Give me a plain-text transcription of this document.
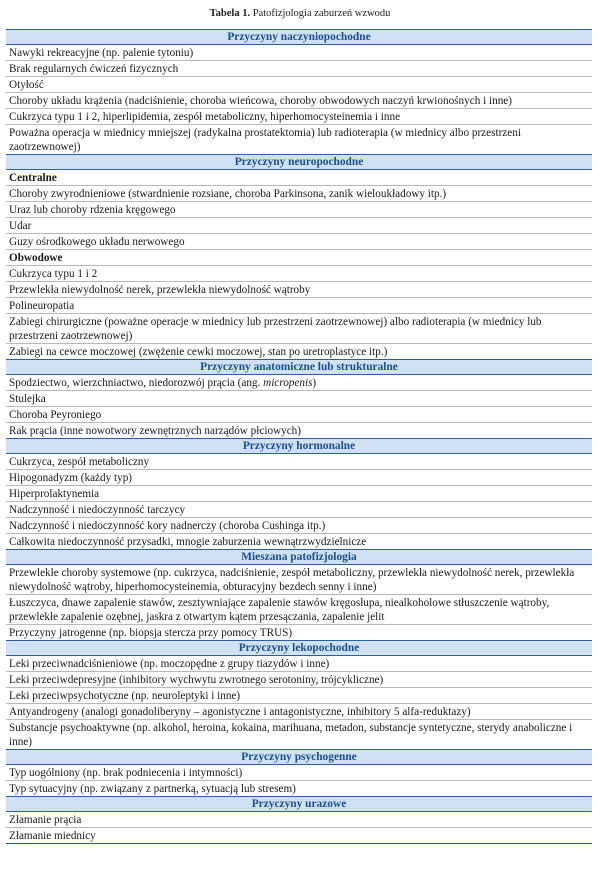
Tabela 1. Patofizjologia zaburzeń wzwodu
Przyczyny naczyniopochodne
Nawyki rekreacyjne (np. palenie tytoniu)
Brak regularnych ćwiczeń fizycznych
Otyłość
Choroby układu krążenia (nadciśnienie, choroba wieńcowa, choroby obwodowych naczyń krwionośnych i inne)
Cukrzyca typu 1 i 2, hiperlipidemia, zespół metaboliczny, hiperhomocysteinemia i inne
Poważna operacja w miednicy mniejszej (radykalna prostatektomia) lub radioterapia (w miednicy albo przestrzeni zaotrzewnowej)
Przyczyny neuropochodne
Centralne
Choroby zwyrodnieniowe (stwardnienie rozsiane, choroba Parkinsona, zanik wieloukładowy itp.)
Uraz lub choroby rdzenia kręgowego
Udar
Guzy ośrodkowego układu nerwowego
Obwodowe
Cukrzyca typu 1 i 2
Przewlekła niewydolność nerek, przewlekła niewydolność wątroby
Polineuropatia
Zabiegi chirurgiczne (poważne operacje w miednicy lub przestrzeni zaotrzewnowej) albo radioterapia (w miednicy lub przestrzeni zaotrzewnowej)
Zabiegi na cewce moczowej (zwężenie cewki moczowej, stan po uretroplastyce itp.)
Przyczyny anatomiczne lub strukturalne
Spodziectwo, wierzchniactwo, niedorozwój prącia (ang. micropenis)
Stulejka
Choroba Peyroniego
Rak prącia (inne nowotwory zewnętrznych narządów płciowych)
Przyczyny hormonalne
Cukrzyca, zespół metaboliczny
Hipogonadyzm (każdy typ)
Hiperprolaktynemia
Nadczynność i niedoczynność tarczycy
Nadczynność i niedoczynność kory nadnerczy (choroba Cushinga itp.)
Całkowita niedoczynność przysadki, mnogie zaburzenia wewnątrzwydzielnicze
Mieszana patofizjologia
Przewlekłe choroby systemowe (np. cukrzyca, nadciśnienie, zespół metaboliczny, przewlekła niewydolność nerek, przewlekła niewydolność wątroby, hiperhomocysteinemia, obturacyjny bezdech senny i inne)
Łuszczyca, dnawe zapalenie stawów, zesztywniające zapalenie stawów kręgosłupa, niealkoholowe stłuszczenie wątroby, przewlekłe zapalenie ozębnej, jaskra z otwartym kątem przesączania, zapalenie jelit
Przyczyny jatrogenne (np. biopsja stercza przy pomocy TRUS)
Przyczyny lekopochodne
Leki przeciwnadciśnieniowe (np. moczopędne z grupy tiazydów i inne)
Leki przeciwdepresyjne (inhibitory wychwytu zwrotnego serotoniny, trójcykliczne)
Leki przeciwpsychotyczne (np. neuroleptyki i inne)
Antyandrogeny (analogi gonadoliberyny – agonistyczne i antagonistyczne, inhibitory 5 alfa-reduktazy)
Substancje psychoaktywne (np. alkohol, heroina, kokaina, marihuana, metadon, substancje syntetyczne, sterydy anaboliczne i inne)
Przyczyny psychogenne
Typ uogólniony (np. brak podniecenia i intymności)
Typ sytuacyjny (np. związany z partnerką, sytuacją lub stresem)
Przyczyny urazowe
Złamanie prącia
Złamanie miednicy
